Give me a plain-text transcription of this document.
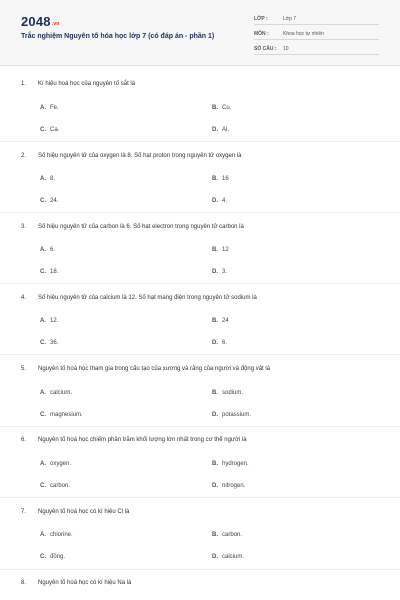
2048.vn
Trắc nghiệm Nguyên tố hóa học lớp 7 (có đáp án - phần 1)
LỚP :	Lớp 7
MÔN :	Khoa học tự nhiên
SỐ CÂU : 10
1. Kí hiệu hoá học của nguyên tố sắt là
A. Fe.	B. Cu.
C. Ca.	D. Al.
2. Số hiệu nguyên tử của oxygen là 8. Số hạt proton trong nguyên tử oxygen là
A. 8.	B. 16
C. 24.	D. 4.
3. Số hiệu nguyên tử của carbon là 6. Số hạt electron trong nguyên tử carbon là
A. 6.	B. 12
C. 18.	D. 3.
4. Số hiệu nguyên tử của calcium là 12. Số hạt mang điện trong nguyên tử sodium là
A. 12.	B. 24
C. 36.	D. 6.
5. Nguyên tố hoá học tham gia trong cấu tạo của xương và răng của người và động vật là
A. calcium.	B. sodium.
C. magnesium.	D. potassium.
6. Nguyên tố hoá học chiếm phần trăm khối lượng lớn nhất trong cơ thể người là
A. oxygen.	B. hydrogen.
C. carbon.	D. nitrogen.
7. Nguyên tố hoá học có kí hiệu Cl là
A. chlorine.	B. carbon.
C. đồng.	D. calcium.
8. Nguyên tố hoá học có kí hiệu Na là
